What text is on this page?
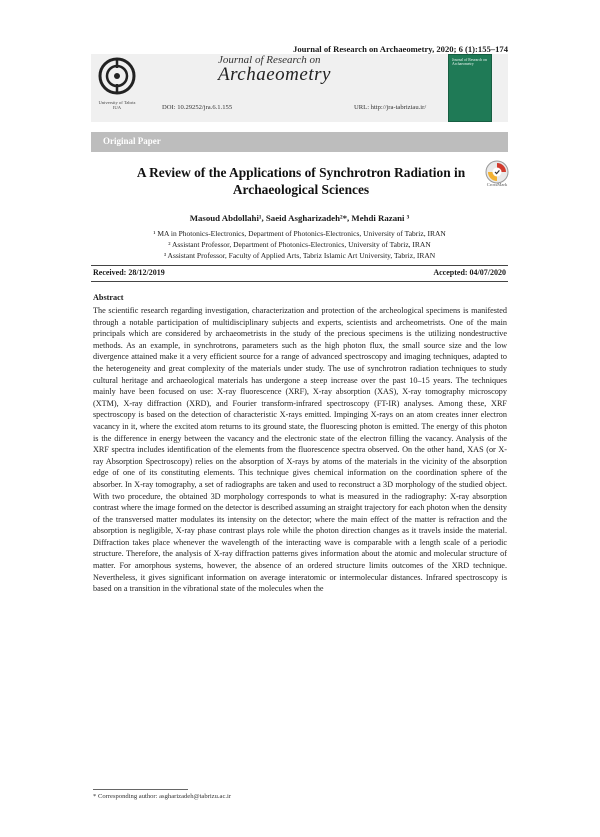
Journal of Research on Archaeometry, 2020; 6 (1):155–174
University of Tabriz
IUA
Journal of Research on
Archaeometry
DOI: 10.29252/jra.6.1.155	URL: http://jra-tabriziau.ir/
Journal of Research on Archaeometry
Original Paper
A Review of the Applications of Synchrotron Radiation in Archaeological Sciences	CrossMark
Masoud Abdollahi¹, Saeid Asgharizadeh²*, Mehdi Razani ³
¹ MA in Photonics-Electronics, Department of Photonics-Electronics, University of Tabriz, IRAN
² Assistant Professor, Department of Photonics-Electronics, University of Tabriz, IRAN
³ Assistant Professor, Faculty of Applied Arts, Tabriz Islamic Art University, Tabriz, IRAN
Received: 28/12/2019	Accepted: 04/07/2020
Abstract
The scientific research regarding investigation, characterization and protection of the archeological specimens is manifested through a notable participation of multidisciplinary subjects and experts, scientists and archeometrists. One of the main principals which are considered by archaeometrists in the study of the precious specimens is the utilizing nondestructive methods. As an example, in synchrotrons, parameters such as the high photon flux, the small source size and the low divergence attained make it a very efficient source for a range of advanced spectroscopy and imaging techniques, adapted to the heterogeneity and great complexity of the materials under study. The use of synchrotron radiation techniques to study cultural heritage and archaeological materials has undergone a steep increase over the past 10–15 years. The techniques mainly have been focused on use: X-ray fluorescence (XRF), X-ray absorption (XAS), X-ray tomography microscopy (XTM), X-ray diffraction (XRD), and Fourier transform-infrared spectroscopy (FT-IR) analyses. Among these, XRF spectroscopy is based on the detection of characteristic X-rays emitted. Impinging X-rays on an atom creates inner electron vacancy in it, where the excited atom returns to its ground state, the fluorescing photon is emitted. The energy of this photon is the difference in energy between the vacancy and the electronic state of the electron filling the vacancy. Analysis of the XRF spectra includes identification of the elements from the fluorescence spectra observed. On the other hand, XAS (or X-ray Absorption Spectroscopy) relies on the absorption of X-rays by atoms of the materials in the vicinity of the absorption edge of one of its constituting elements. This technique gives chemical information on the coordination sphere of the absorber. In X-ray tomography, a set of radiographs are taken and used to reconstruct a 3D morphology of the studied object. With two procedure, the obtained 3D morphology corresponds to what is measured in the radiography: X-ray absorption contrast where the image formed on the detector is described assuming an straight trajectory for each photon when the density of the transversed matter modulates its intensity on the detector; where the main effect of the matter is refraction and the absorption is negligible, X-ray phase contrast plays role while the photon direction changes as it travels inside the material. Diffraction takes place whenever the wavelength of the interacting wave is comparable with a length scale of a periodic structure. Therefore, the analysis of X-ray diffraction patterns gives information about the atomic and molecular structure of matter. For amorphous systems, however, the absence of an ordered structure limits outcomes of the XRD technique. Nevertheless, it gives significant information on average interatomic or intermolecular distances. Infrared spectroscopy is based on a transition in the vibrational state of the molecules when the
* Corresponding author: asgharizadeh@tabrizu.ac.ir
